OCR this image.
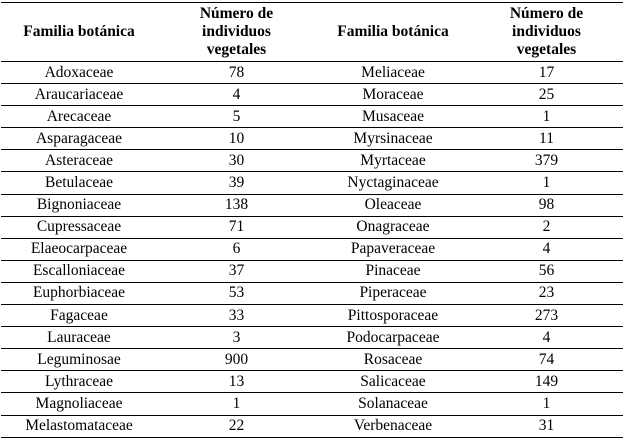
Familia botánica	Número de
individuos
vegetales	Familia botánica	Número de
individuos
vegetales
Adoxaceae	78	Meliaceae	17
Araucariaceae	4	Moraceae	25
Arecaceae	5	Musaceae	1
Asparagaceae	10	Myrsinaceae	11
Asteraceae	30	Myrtaceae	379
Betulaceae	39	Nyctaginaceae	1
Bignoniaceae	138	Oleaceae	98
Cupressaceae	71	Onagraceae	2
Elaeocarpaceae	6	Papaveraceae	4
Escalloniaceae	37	Pinaceae	56
Euphorbiaceae	53	Piperaceae	23
Fagaceae	33	Pittosporaceae	273
Lauraceae	3	Podocarpaceae	4
Leguminosae	900	Rosaceae	74
Lythraceae	13	Salicaceae	149
Magnoliaceae	1	Solanaceae	1
Melastomataceae	22	Verbenaceae	31
